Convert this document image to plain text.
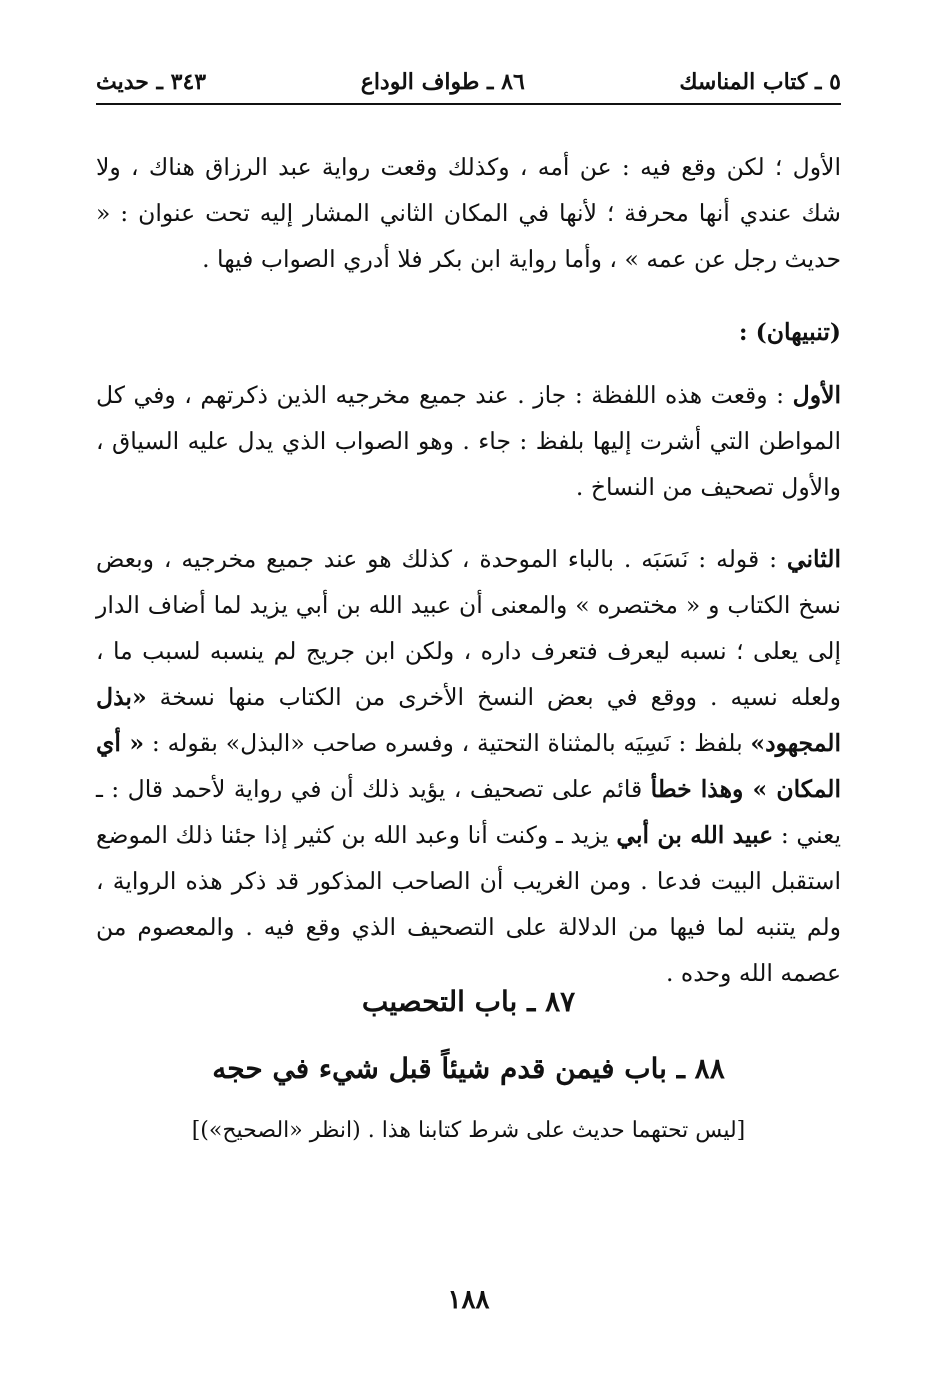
٥ ـ كتاب المناسك
٨٦ ـ طواف الوداع
٣٤٣ ـ حديث

الأول ؛ لكن وقع فيه : عن أمه ، وكذلك وقعت رواية عبد الرزاق هناك ، ولا شك عندي أنها محرفة ؛ لأنها في المكان الثاني المشار إليه تحت عنوان : « حديث رجل عن عمه » ، وأما رواية ابن بكر فلا أدري الصواب فيها .

(تنبيهان) :

الأول : وقعت هذه اللفظة : جاز . عند جميع مخرجيه الذين ذكرتهم ، وفي كل المواطن التي أشرت إليها بلفظ : جاء . وهو الصواب الذي يدل عليه السياق ، والأول تصحيف من النساخ .

الثاني : قوله : نَسَبَه . بالباء الموحدة ، كذلك هو عند جميع مخرجيه ، وبعض نسخ الكتاب و « مختصره » والمعنى أن عبيد الله بن أبي يزيد لما أضاف الدار إلى يعلى ؛ نسبه ليعرف فتعرف داره ، ولكن ابن جريج لم ينسبه لسبب ما ، ولعله نسيه . ووقع في بعض النسخ الأخرى من الكتاب منها نسخة «بذل المجهود» بلفظ : نَسِيَه بالمثناة التحتية ، وفسره صاحب «البذل» بقوله : « أي المكان » وهذا خطأ قائم على تصحيف ، يؤيد ذلك أن في رواية لأحمد قال : ـ يعني : عبيد الله بن أبي يزيد ـ وكنت أنا وعبد الله بن كثير إذا جئنا ذلك الموضع استقبل البيت فدعا . ومن الغريب أن الصاحب المذكور قد ذكر هذه الرواية ، ولم يتنبه لما فيها من الدلالة على التصحيف الذي وقع فيه . والمعصوم من عصمه الله وحده .

٨٧ ـ باب التحصيب
٨٨ ـ باب فيمن قدم شيئاً قبل شيء في حجه
[ليس تحتهما حديث على شرط كتابنا هذا . (انظر «الصحيح»)]
١٨٨
